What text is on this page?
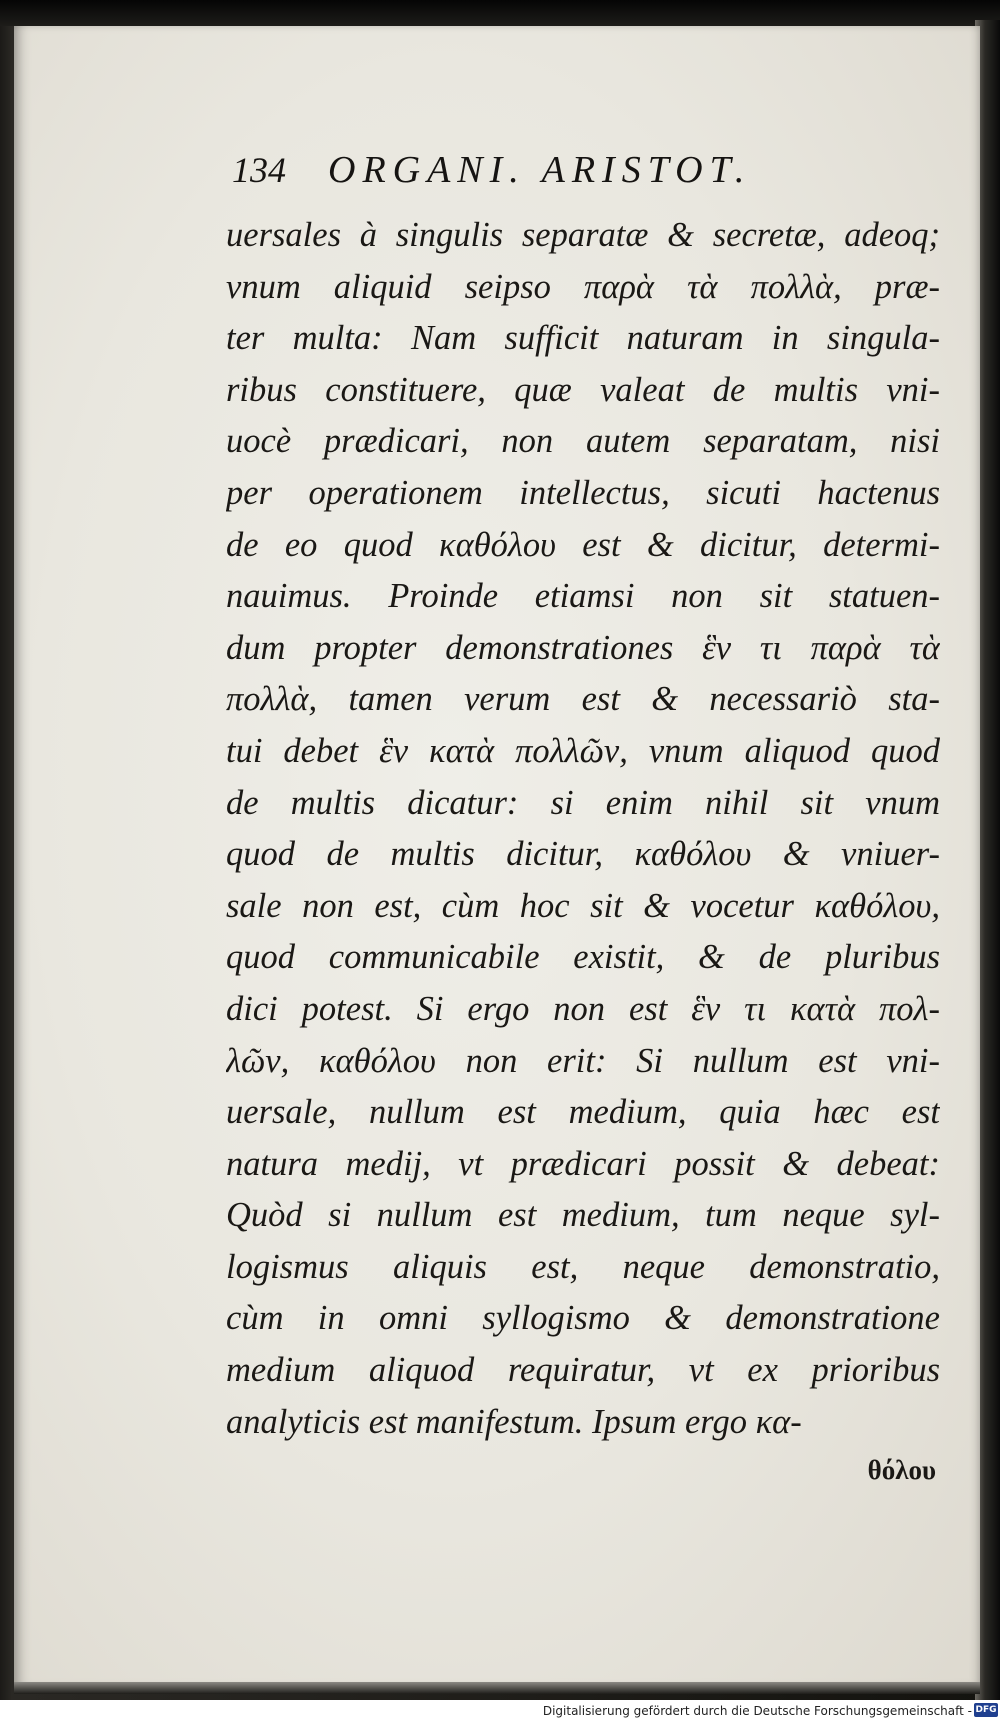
134 ORGANI. ARISTOT.
uersales à singulis separatæ & secretæ, adeoq;
vnum aliquid seipso παρὰ τὰ πολλὰ, præ-
ter multa: Nam sufficit naturam in singula-
ribus constituere, quæ valeat de multis vni-
uocè prædicari, non autem separatam, nisi
per operationem intellectus, sicuti hactenus
de eo quod καθόλου est & dicitur, determi-
nauimus. Proinde etiamsi non sit statuen-
dum propter demonstrationes ἓν τι παρὰ τὰ
πολλὰ, tamen verum est & necessariò sta-
tui debet ἓν κατὰ πολλῶν, vnum aliquod quod
de multis dicatur: si enim nihil sit vnum
quod de multis dicitur, καθόλου & vniuer-
sale non est, cùm hoc sit & vocetur καθόλου,
quod communicabile existit, & de pluribus
dici potest. Si ergo non est ἓν τι κατὰ πολ-
λῶν, καθόλου non erit: Si nullum est vni-
uersale, nullum est medium, quia hæc est
natura medij, vt prædicari possit & debeat:
Quòd si nullum est medium, tum neque syl-
logismus aliquis est, neque demonstratio,
cùm in omni syllogismo & demonstratione
medium aliquod requiratur, vt ex prioribus
analyticis est manifestum. Ipsum ergo κα-
θόλου
Digitalisierung gefördert durch die Deutsche Forschungsgemeinschaft - DFG
